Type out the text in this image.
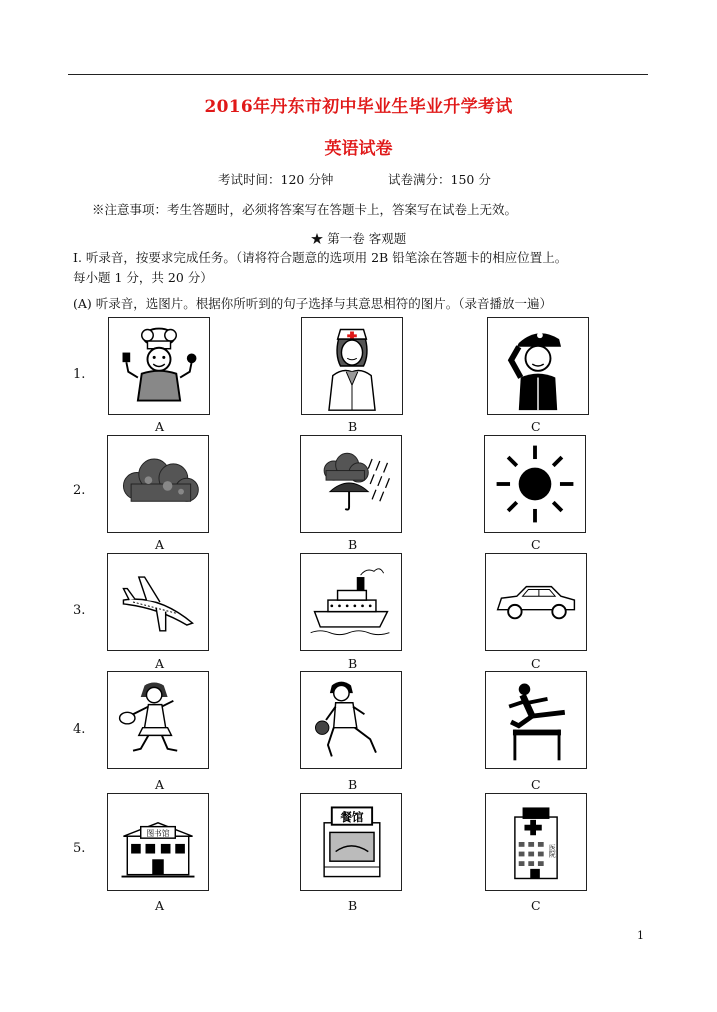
2016年丹东市初中毕业生毕业升学考试
英语试卷
考试时间：120 分钟	试卷满分：150 分
※注意事项：考生答题时，必须将答案写在答题卡上，答案写在试卷上无效。
★ 第一卷 客观题
Ⅰ. 听录音，按要求完成任务。（请将符合题意的选项用 2B 铅笔涂在答题卡的相应位置上。
每小题 1 分，共 20 分）
(A) 听录音，选图片。根据你所听到的句子选择与其意思相符的图片。（录音播放一遍）
1.
A	B	C
2.
A	B	C
3.
A	B	C
4.
A	B	C
5.
图书馆
A
餐馆
B
医院
C
1
